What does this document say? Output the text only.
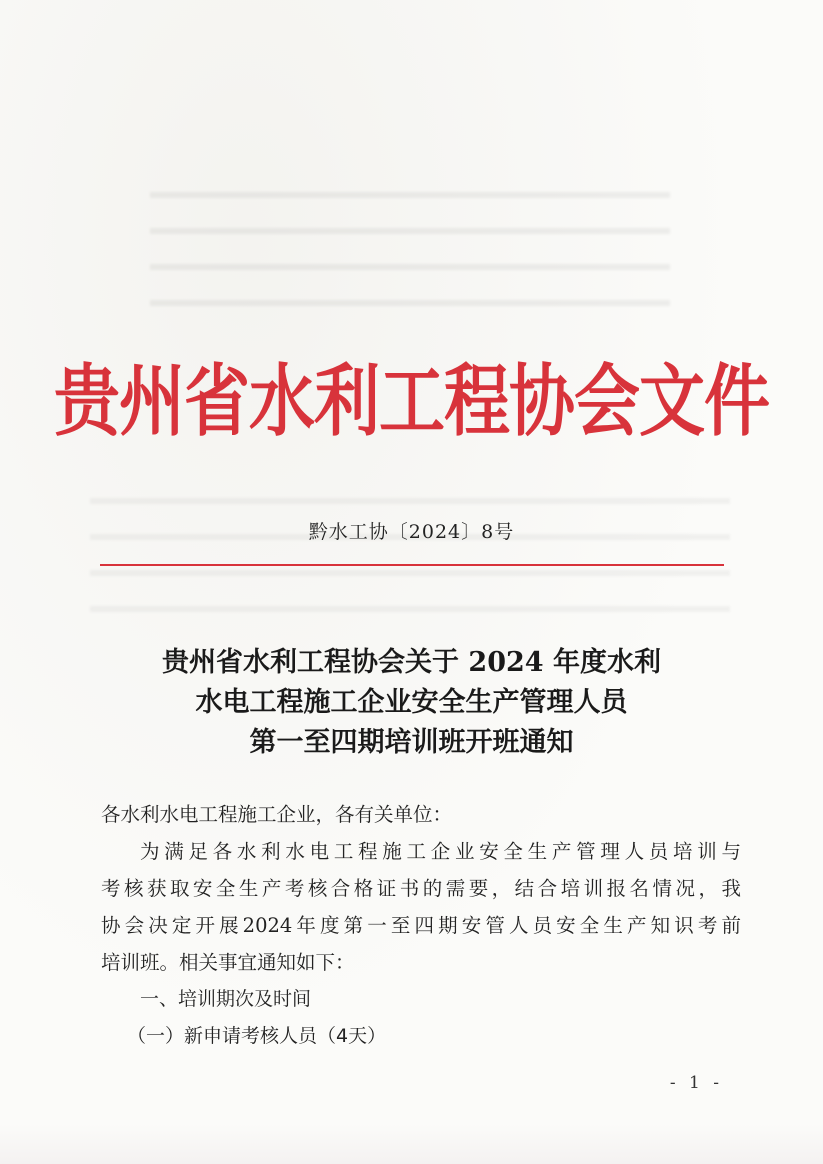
贵州省水利工程协会文件
黔水工协〔2024〕8号
贵州省水利工程协会关于 2024 年度水利
水电工程施工企业安全生产管理人员
第一至四期培训班开班通知
各水利水电工程施工企业，各有关单位：
为满足各水利水电工程施工企业安全生产管理人员培训与
考核获取安全生产考核合格证书的需要，结合培训报名情况，我
协会决定开展2024年度第一至四期安管人员安全生产知识考前
培训班。相关事宜通知如下：
一、培训期次及时间
（一）新申请考核人员（4天）
- 1 -
